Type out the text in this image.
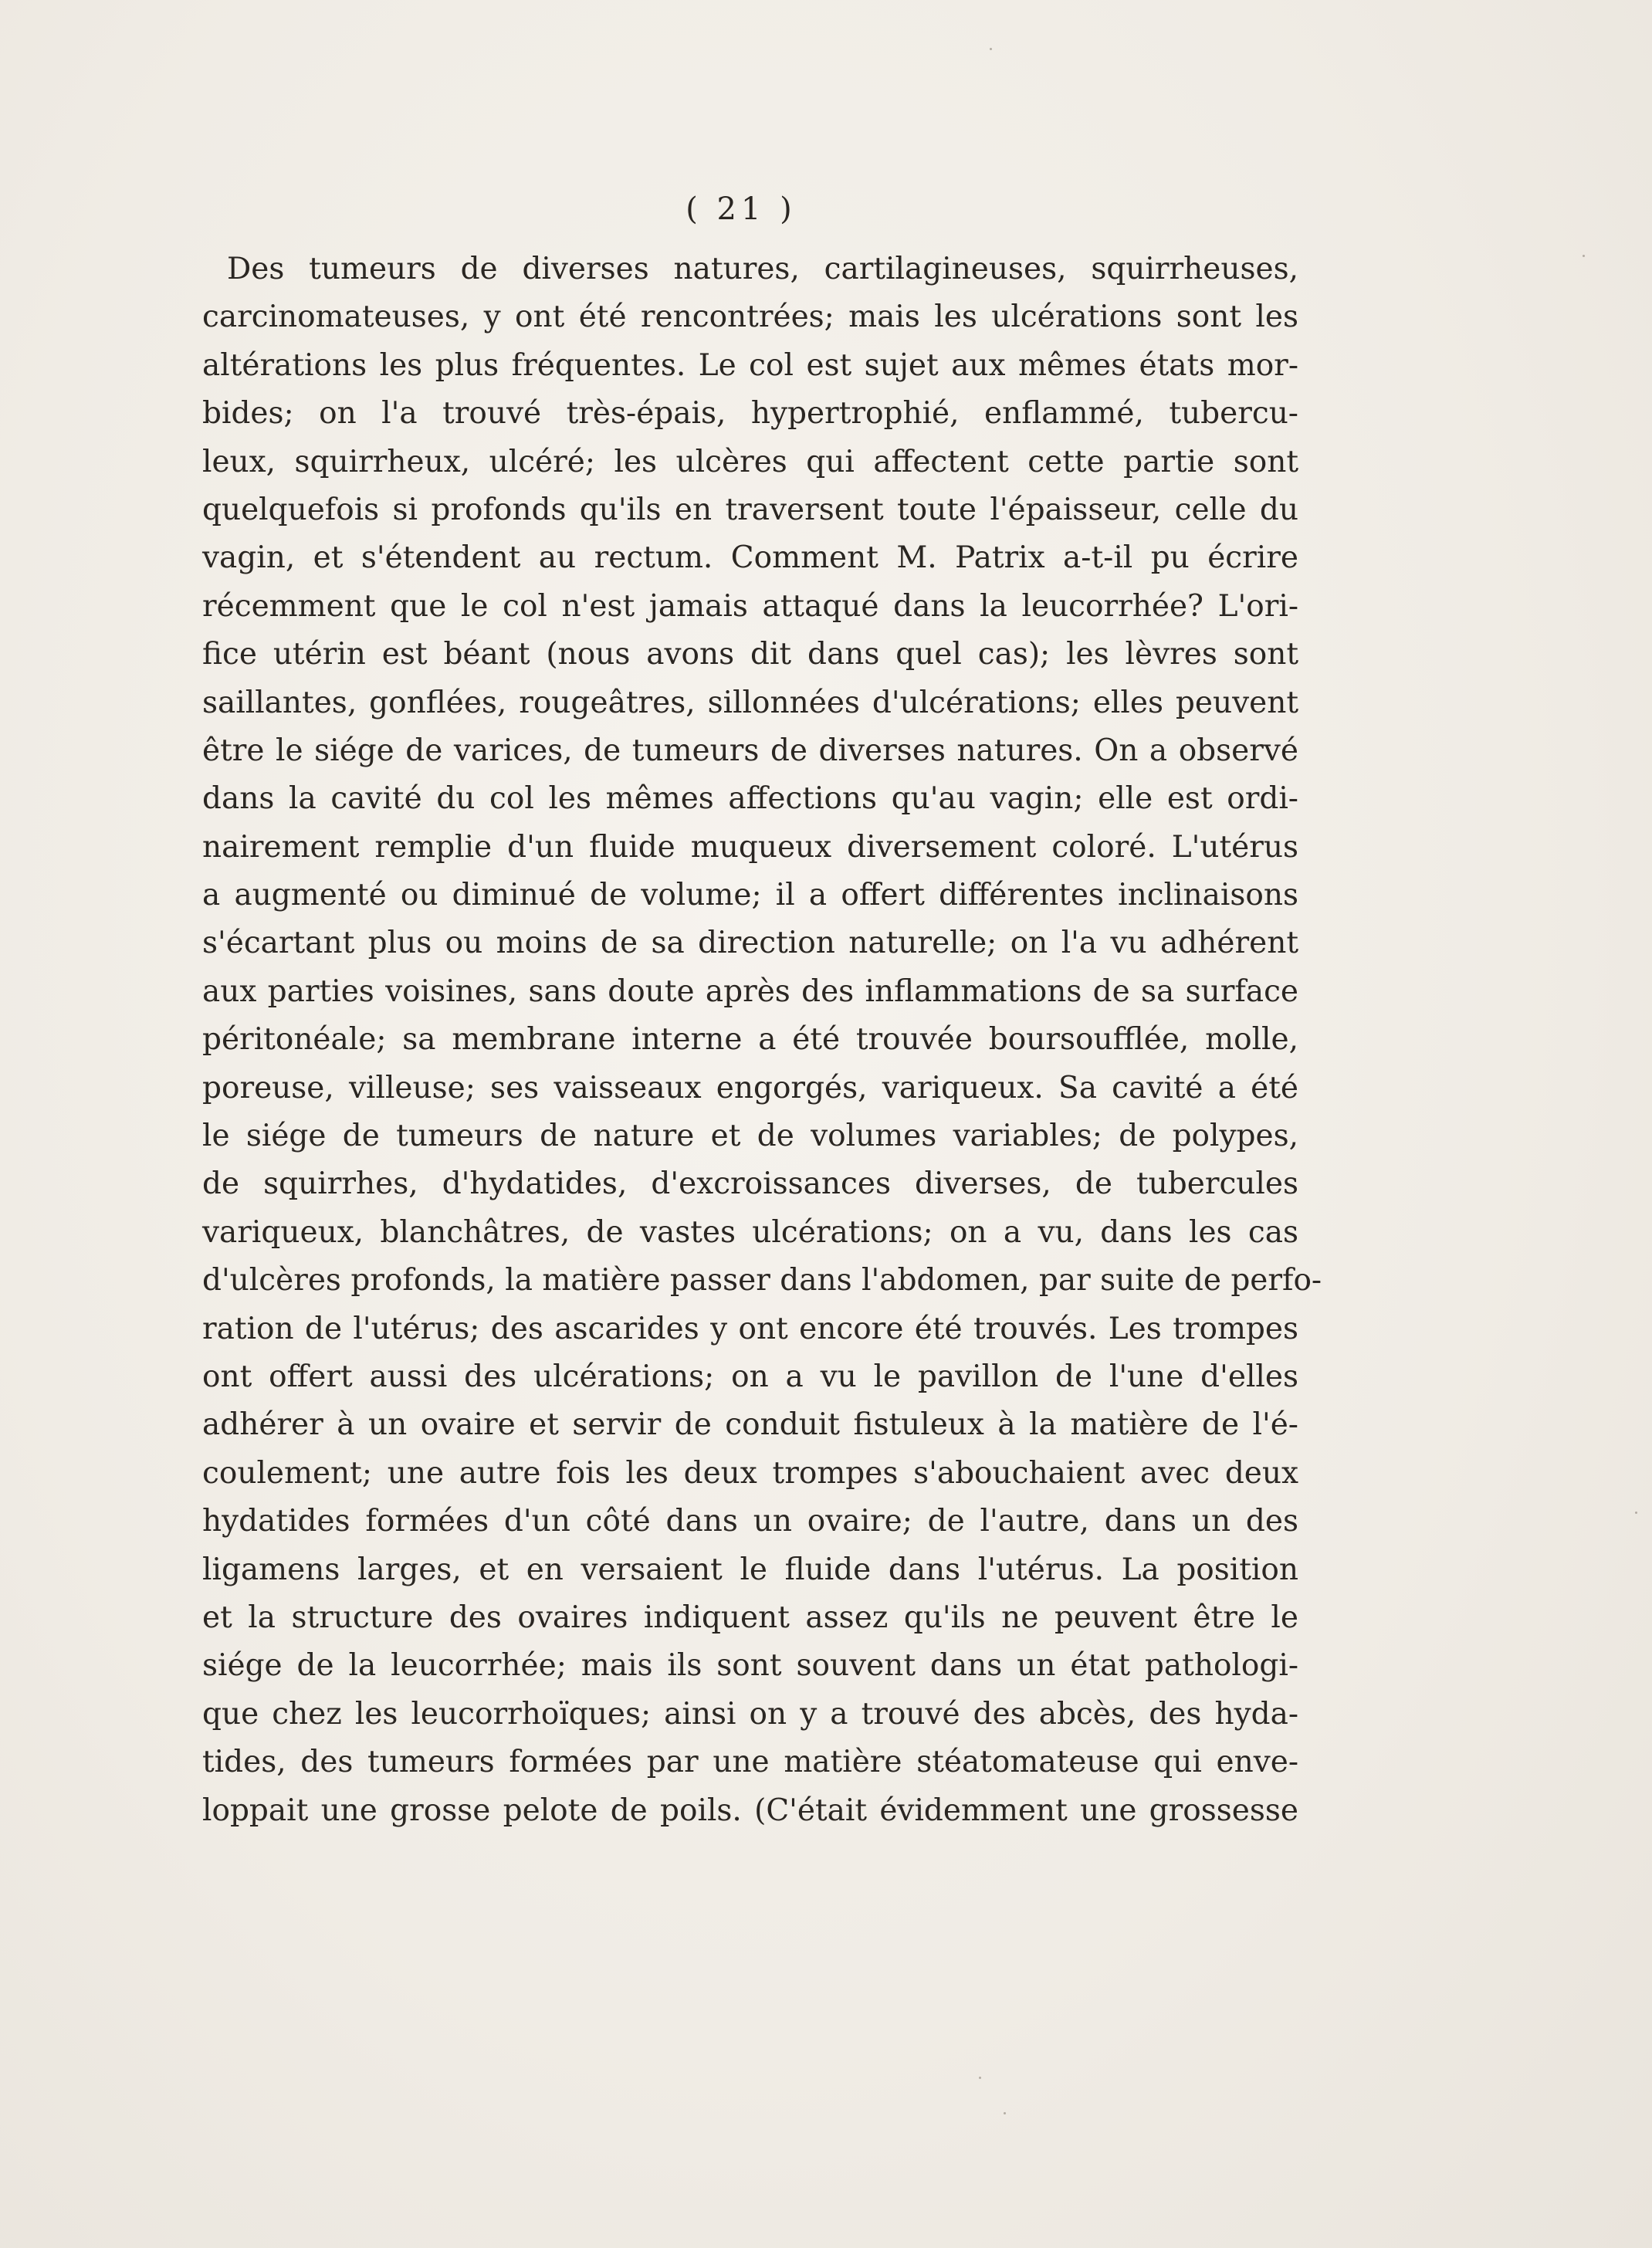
( 21 )
Des tumeurs de diverses natures, cartilagineuses, squirrheuses,
carcinomateuses, y ont été rencontrées; mais les ulcérations sont les
altérations les plus fréquentes. Le col est sujet aux mêmes états mor-
bides; on l'a trouvé très-épais, hypertrophié, enflammé, tubercu-
leux, squirrheux, ulcéré; les ulcères qui affectent cette partie sont
quelquefois si profonds qu'ils en traversent toute l'épaisseur, celle du
vagin, et s'étendent au rectum. Comment M. Patrix a-t-il pu écrire
récemment que le col n'est jamais attaqué dans la leucorrhée? L'ori-
fice utérin est béant (nous avons dit dans quel cas); les lèvres sont
saillantes, gonflées, rougeâtres, sillonnées d'ulcérations; elles peuvent
être le siége de varices, de tumeurs de diverses natures. On a observé
dans la cavité du col les mêmes affections qu'au vagin; elle est ordi-
nairement remplie d'un fluide muqueux diversement coloré. L'utérus
a augmenté ou diminué de volume; il a offert différentes inclinaisons
s'écartant plus ou moins de sa direction naturelle; on l'a vu adhérent
aux parties voisines, sans doute après des inflammations de sa surface
péritonéale; sa membrane interne a été trouvée boursoufflée, molle,
poreuse, villeuse; ses vaisseaux engorgés, variqueux. Sa cavité a été
le siége de tumeurs de nature et de volumes variables; de polypes,
de squirrhes, d'hydatides, d'excroissances diverses, de tubercules
variqueux, blanchâtres, de vastes ulcérations; on a vu, dans les cas
d'ulcères profonds, la matière passer dans l'abdomen, par suite de perfo-
ration de l'utérus; des ascarides y ont encore été trouvés. Les trompes
ont offert aussi des ulcérations; on a vu le pavillon de l'une d'elles
adhérer à un ovaire et servir de conduit fistuleux à la matière de l'é-
coulement; une autre fois les deux trompes s'abouchaient avec deux
hydatides formées d'un côté dans un ovaire; de l'autre, dans un des
ligamens larges, et en versaient le fluide dans l'utérus. La position
et la structure des ovaires indiquent assez qu'ils ne peuvent être le
siége de la leucorrhée; mais ils sont souvent dans un état pathologi-
que chez les leucorrhoïques; ainsi on y a trouvé des abcès, des hyda-
tides, des tumeurs formées par une matière stéatomateuse qui enve-
loppait une grosse pelote de poils. (C'était évidemment une grossesse
